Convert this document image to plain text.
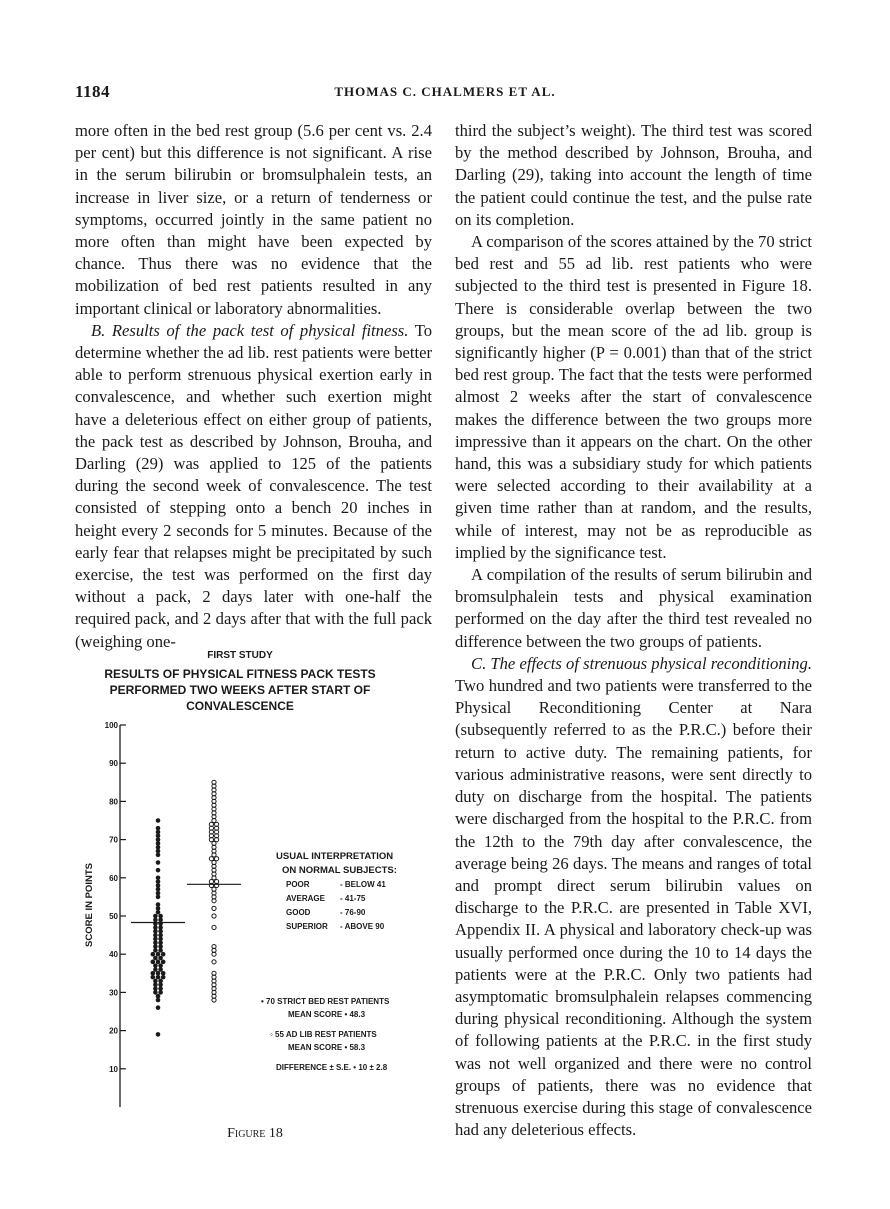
1184	THOMAS C. CHALMERS ET AL.

more often in the bed rest group (5.6 per cent vs. 2.4 per cent) but this difference is not significant. A rise in the serum bilirubin or bromsulphalein tests, an increase in liver size, or a return of tenderness or symptoms, occurred jointly in the same patient no more often than might have been expected by chance. Thus there was no evidence that the mobilization of bed rest patients resulted in any important clinical or laboratory abnormalities.

B. Results of the pack test of physical fitness. To determine whether the ad lib. rest patients were better able to perform strenuous physical exertion early in convalescence, and whether such exertion might have a deleterious effect on either group of patients, the pack test as described by Johnson, Brouha, and Darling (29) was applied to 125 of the patients during the second week of convalescence. The test consisted of stepping onto a bench 20 inches in height every 2 seconds for 5 minutes. Because of the early fear that relapses might be precipitated by such exercise, the test was performed on the first day without a pack, 2 days later with one-half the required pack, and 2 days after that with the full pack (weighing one-

third the subject’s weight). The third test was scored by the method described by Johnson, Brouha, and Darling (29), taking into account the length of time the patient could continue the test, and the pulse rate on its completion.

A comparison of the scores attained by the 70 strict bed rest and 55 ad lib. rest patients who were subjected to the third test is presented in Figure 18. There is considerable overlap between the two groups, but the mean score of the ad lib. group is significantly higher (P = 0.001) than that of the strict bed rest group. The fact that the tests were performed almost 2 weeks after the start of convalescence makes the difference between the two groups more impressive than it appears on the chart. On the other hand, this was a subsidiary study for which patients were selected according to their availability at a given time rather than at random, and the results, while of interest, may not be as reproducible as implied by the significance test.

A compilation of the results of serum bilirubin and bromsulphalein tests and physical examination performed on the day after the third test revealed no difference between the two groups of patients.

C. The effects of strenuous physical reconditioning. Two hundred and two patients were transferred to the Physical Reconditioning Center at Nara (subsequently referred to as the P.R.C.) before their return to active duty. The remaining patients, for various administrative reasons, were sent directly to duty on discharge from the hospital. The patients were discharged from the hospital to the P.R.C. from the 12th to the 79th day after convalescence, the average being 26 days. The means and ranges of total and prompt direct serum bilirubin values on discharge to the P.R.C. are presented in Table XVI, Appendix II. A physical and laboratory check-up was usually performed once during the 10 to 14 days the patients were at the P.R.C. Only two patients had asymptomatic bromsulphalein relapses commencing during physical reconditioning. Although the system of following patients at the P.R.C. in the first study was not well organized and there were no control groups of patients, there was no evidence that strenuous exercise during this stage of convalescence had any deleterious effects.

FIRST STUDY
RESULTS OF PHYSICAL FITNESS PACK TESTS
PERFORMED TWO WEEKS AFTER START OF
CONVALESCENCE
SCORE IN POINTS
USUAL INTERPRETATION
ON NORMAL SUBJECTS:
POOR	- BELOW 41
AVERAGE - 41-75
GOOD	- 76-90
SUPERIOR - ABOVE 90
• 70 STRICT BED REST PATIENTS
MEAN SCORE • 48.3
◦ 55 AD LIB REST PATIENTS
MEAN SCORE • 58.3
DIFFERENCE ± S.E. • 10 ± 2.8
Figure 18
10
20
30
40
50
60
70
80
90
100
